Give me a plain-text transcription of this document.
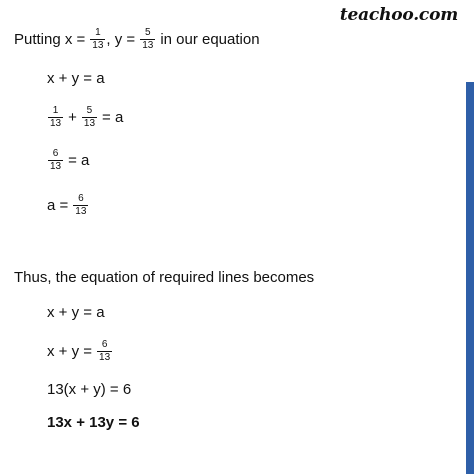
teachoo.com
Putting $x = \frac{1}{13}$ , $y = \frac{5}{13}$ in our equation
x + y = a
$\frac{1}{13} + \frac{5}{13} = a$
$\frac{6}{13} = a$
$a = \frac{6}{13}$
Thus, the equation of required lines becomes
x + y = a
$x + y = \frac{6}{13}$
13(x + y) = 6
13x + 13y = 6
